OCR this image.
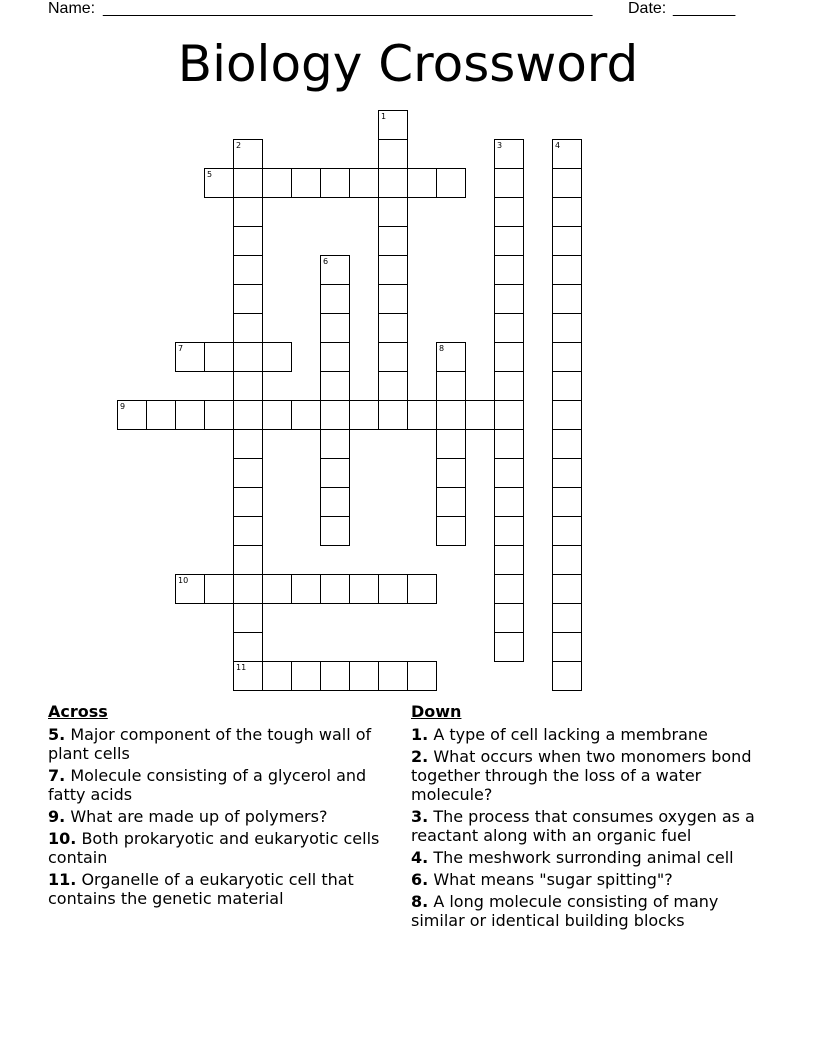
Name: _______________________________________________________ Date: _______
Biology Crossword
1
2
11
3	4
5
6
7	8
9
10
Across
5. Major component of the tough wall of plant cells
7. Molecule consisting of a glycerol and fatty acids
9. What are made up of polymers?
10. Both prokaryotic and eukaryotic cells contain
11. Organelle of a eukaryotic cell that contains the genetic material
Down
1. A type of cell lacking a membrane
2. What occurs when two monomers bond together through the loss of a water molecule?
3. The process that consumes oxygen as a reactant along with an organic fuel
4. The meshwork surronding animal cell
6. What means "sugar spitting"?
8. A long molecule consisting of many similar or identical building blocks
